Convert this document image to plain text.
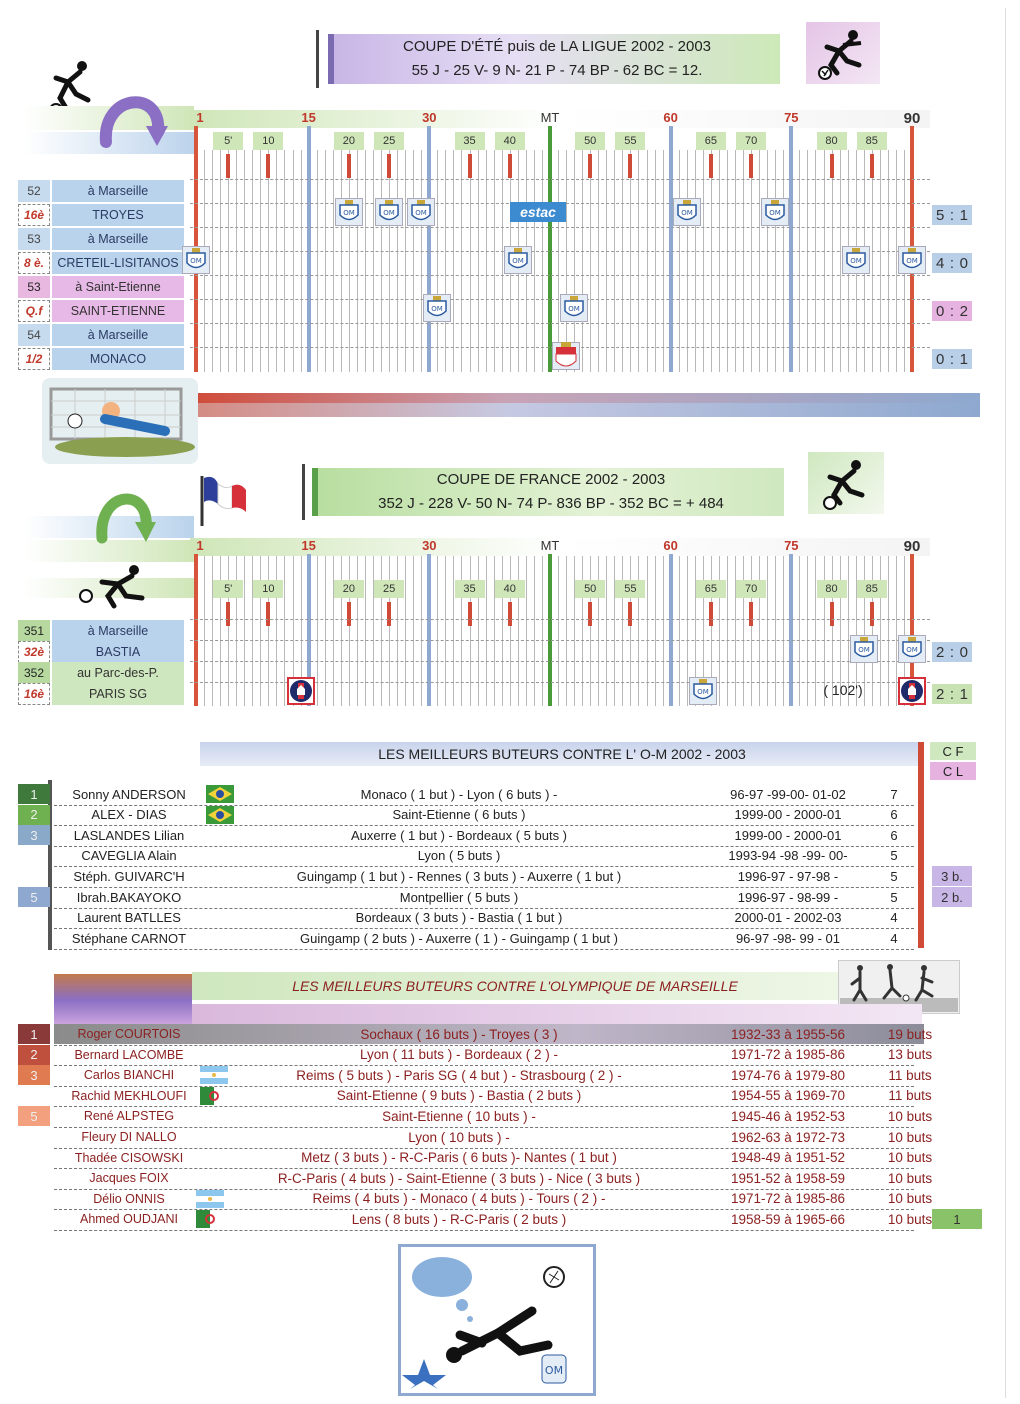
COUPE D'ÉTÉ puis de LA LIGUE 2002 - 2003
55 J - 25 V- 9 N- 21 P - 74 BP - 62 BC = 12.
1	15	30	MT	60	75	90
5'	10	20	25	35	40	50	55	65	70	80	85
52	à Marseille
16è	TROYES	5 : 1
53	à Marseille
8 è.	CRETEIL-LISITANOS	4 : 0
53	à Saint-Etienne
Q.f	SAINT-ETIENNE	0 : 2
54	à Marseille
1/2	MONACO	0 : 1
OM	OM	OM	OM	OM
OM	OM	OM	OM
OM	OM
estac
COUPE DE FRANCE 2002 - 2003
352 J - 228 V- 50 N- 74 P- 836 BP - 352 BC = + 484
1	15	30	MT	60	75	90
5'	10	20	25	35	40	50	55	65	70	80	85
351	à Marseille
32è	BASTIA	2 : 0
352	au Parc-des-P.
16è	PARIS SG	2 : 1
OM	OM
OM	( 102')
LES MEILLEURS BUTEURS CONTRE L' O-M 2002 - 2003	C F
C L
1	Sonny ANDERSON	Monaco ( 1 but ) - Lyon ( 6 buts ) -	96-97 -99-00- 01-02	7
2	ALEX - DIAS	Saint-Etienne ( 6 buts )	1999-00 - 2000-01	6
3	LASLANDES Lilian	Auxerre ( 1 but ) - Bordeaux ( 5 buts )	1999-00 - 2000-01	6
CAVEGLIA Alain	Lyon ( 5 buts )	1993-94 -98 -99- 00-	5
Stéph. GUIVARC'H	Guingamp ( 1 but ) - Rennes ( 3 buts ) - Auxerre ( 1 but )	1996-97 - 97-98 -	5	3 b.
5	Ibrah.BAKAYOKO	Montpellier ( 5 buts )	1996-97 - 98-99 -	5	2 b.
Laurent BATLLES	Bordeaux ( 3 buts ) - Bastia ( 1 but )	2000-01 - 2002-03	4
Stéphane CARNOT	Guingamp ( 2 buts ) - Auxerre ( 1 ) - Guingamp ( 1 but )	96-97 -98- 99 - 01	4
LES MEILLEURS BUTEURS CONTRE L'OLYMPIQUE DE MARSEILLE
1	Roger COURTOIS	Sochaux ( 16 buts ) - Troyes ( 3 )	1932-33 à 1955-56	19 buts
2	Bernard LACOMBE	Lyon ( 11 buts ) - Bordeaux ( 2 ) -	1971-72 à 1985-86	13 buts
3	Carlos BIANCHI	Reims ( 5 buts ) - Paris SG ( 4 but ) - Strasbourg ( 2 ) -	1974-76 à 1979-80	11 buts
Rachid MEKHLOUFI	Saint-Etienne ( 9 buts ) - Bastia ( 2 buts )	1954-55 à 1969-70	11 buts
5	René ALPSTEG	Saint-Etienne ( 10 buts ) -	1945-46 à 1952-53	10 buts
Fleury DI NALLO	Lyon ( 10 buts ) -	1962-63 à 1972-73	10 buts
Thadée CISOWSKI	Metz ( 3 buts ) - R-C-Paris ( 6 buts )- Nantes ( 1 but )	1948-49 à 1951-52	10 buts
Jacques FOIX	R-C-Paris ( 4 buts ) - Saint-Etienne ( 3 buts ) - Nice ( 3 buts )	1951-52 à 1958-59	10 buts
Délio ONNIS	Reims ( 4 buts ) - Monaco ( 4 buts ) - Tours ( 2 ) -	1971-72 à 1985-86	10 buts
Ahmed OUDJANI	Lens ( 8 buts ) - R-C-Paris ( 2 buts )	1958-59 à 1965-66	10 buts	1
OM
